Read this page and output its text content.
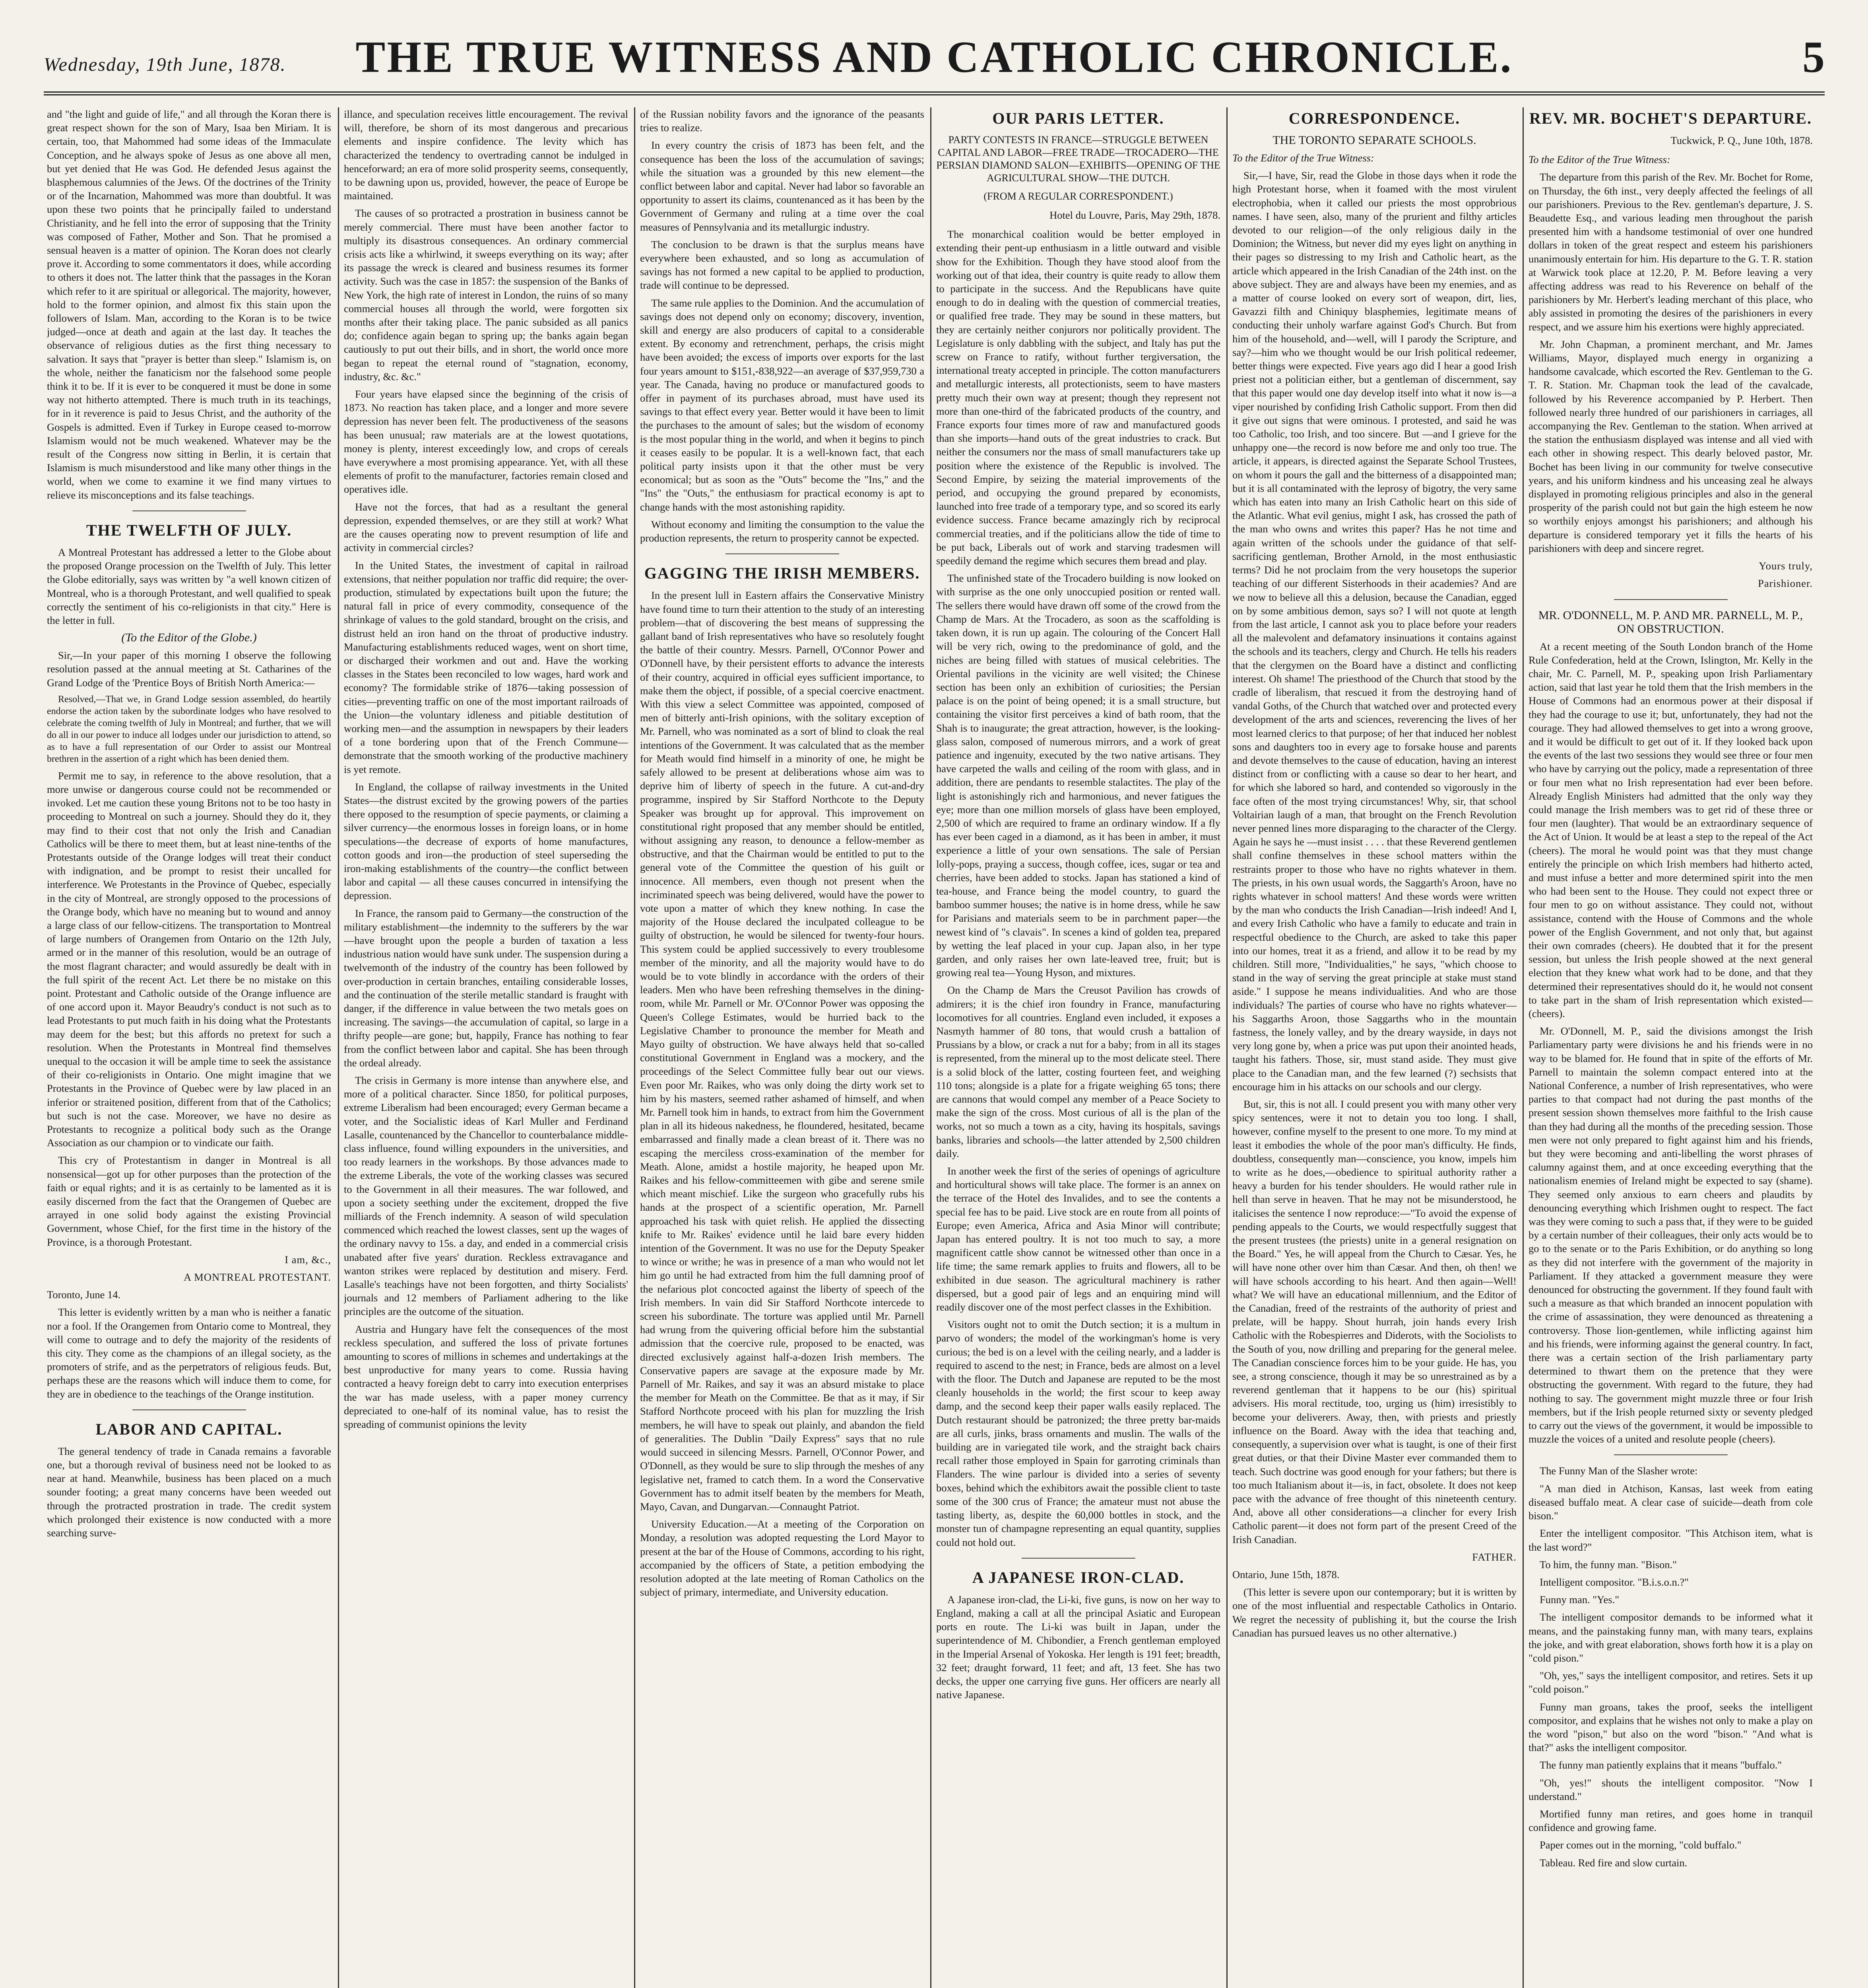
Wednesday, 19th June, 1878.	THE TRUE WITNESS AND CATHOLIC CHRONICLE.	5

and "the light and guide of life," and all through the Koran there is great respect shown for the son of Mary, Isaa ben Miriam. It is certain, too, that Mahommed had some ideas of the Immaculate Conception, and he always spoke of Jesus as one above all men, but yet denied that He was God. He defended Jesus against the blasphemous calumnies of the Jews. Of the doctrines of the Trinity or of the Incarnation, Mahommed was more than doubtful. It was upon these two points that he principally failed to understand Christianity, and he fell into the error of supposing that the Trinity was composed of Father, Mother and Son. That he promised a sensual heaven is a matter of opinion. The Koran does not clearly prove it. According to some commentators it does, while according to others it does not. The latter think that the passages in the Koran which refer to it are spiritual or allegorical. The majority, however, hold to the former opinion, and almost fix this stain upon the followers of Islam. Man, according to the Koran is to be twice judged—once at death and again at the last day. It teaches the observance of religious duties as the first thing necessary to salvation. It says that "prayer is better than sleep." Islamism is, on the whole, neither the fanaticism nor the falsehood some people think it to be. If it is ever to be conquered it must be done in some way not hitherto attempted. There is much truth in its teachings, for in it reverence is paid to Jesus Christ, and the authority of the Gospels is admitted. Even if Turkey in Europe ceased to-morrow Islamism would not be much weakened. Whatever may be the result of the Congress now sitting in Berlin, it is certain that Islamism is much misunderstood and like many other things in the world, when we come to examine it we find many virtues to relieve its misconceptions and its false teachings.

THE TWELFTH OF JULY.

A Montreal Protestant has addressed a letter to the Globe about the proposed Orange procession on the Twelfth of July. This letter the Globe editorially, says was written by "a well known citizen of Montreal, who is a thorough Protestant, and well qualified to speak correctly the sentiment of his co-religionists in that city." Here is the letter in full.

(To the Editor of the Globe.)

Sir,—In your paper of this morning I observe the following resolution passed at the annual meeting at St. Catharines of the Grand Lodge of the 'Prentice Boys of British North America:—

Resolved,—That we, in Grand Lodge session assembled, do heartily endorse the action taken by the subordinate lodges who have resolved to celebrate the coming twelfth of July in Montreal; and further, that we will do all in our power to induce all lodges under our jurisdiction to attend, so as to have a full representation of our Order to assist our Montreal brethren in the assertion of a right which has been denied them.

Permit me to say, in reference to the above resolution, that a more unwise or dangerous course could not be recommended or invoked. Let me caution these young Britons not to be too hasty in proceeding to Montreal on such a journey. Should they do it, they may find to their cost that not only the Irish and Canadian Catholics will be there to meet them, but at least nine-tenths of the Protestants outside of the Orange lodges will treat their conduct with indignation, and be prompt to resist their uncalled for interference. We Protestants in the Province of Quebec, especially in the city of Montreal, are strongly opposed to the processions of the Orange body, which have no meaning but to wound and annoy a large class of our fellow-citizens. The transportation to Montreal of large numbers of Orangemen from Ontario on the 12th July, armed or in the manner of this resolution, would be an outrage of the most flagrant character; and would assuredly be dealt with in the full spirit of the recent Act. Let there be no mistake on this point. Protestant and Catholic outside of the Orange influence are of one accord upon it. Mayor Beaudry's conduct is not such as to lead Protestants to put much faith in his doing what the Protestants may deem for the best; but this affords no pretext for such a resolution. When the Protestants in Montreal find themselves unequal to the occasion it will be ample time to seek the assistance of their co-religionists in Ontario. One might imagine that we Protestants in the Province of Quebec were by law placed in an inferior or straitened position, different from that of the Catholics; but such is not the case. Moreover, we have no desire as Protestants to recognize a political body such as the Orange Association as our champion or to vindicate our faith.

This cry of Protestantism in danger in Montreal is all nonsensical—got up for other purposes than the protection of the faith or equal rights; and it is as certainly to be lamented as it is easily discerned from the fact that the Orangemen of Quebec are arrayed in one solid body against the existing Provincial Government, whose Chief, for the first time in the history of the Province, is a thorough Protestant.

I am, &c.,
A MONTREAL PROTESTANT.
Toronto, June 14.

This letter is evidently written by a man who is neither a fanatic nor a fool. If the Orangemen from Ontario come to Montreal, they will come to outrage and to defy the majority of the residents of this city. They come as the champions of an illegal society, as the promoters of strife, and as the perpetrators of religious feuds. But, perhaps these are the reasons which will induce them to come, for they are in obedience to the teachings of the Orange institution.

LABOR AND CAPITAL.

The general tendency of trade in Canada remains a favorable one, but a thorough revival of business need not be looked to as near at hand. Meanwhile, business has been placed on a much sounder footing; a great many concerns have been weeded out through the protracted prostration in trade. The credit system which prolonged their existence is now conducted with a more searching surve-

illance, and speculation receives little encouragement. The revival will, therefore, be shorn of its most dangerous and precarious elements and inspire confidence. The levity which has characterized the tendency to overtrading cannot be indulged in henceforward; an era of more solid prosperity seems, consequently, to be dawning upon us, provided, however, the peace of Europe be maintained.

The causes of so protracted a prostration in business cannot be merely commercial. There must have been another factor to multiply its disastrous consequences. An ordinary commercial crisis acts like a whirlwind, it sweeps everything on its way; after its passage the wreck is cleared and business resumes its former activity. Such was the case in 1857: the suspension of the Banks of New York, the high rate of interest in London, the ruins of so many commercial houses all through the world, were forgotten six months after their taking place. The panic subsided as all panics do; confidence again began to spring up; the banks again began cautiously to put out their bills, and in short, the world once more began to repeat the eternal round of "stagnation, economy, industry, &c. &c."

Four years have elapsed since the beginning of the crisis of 1873. No reaction has taken place, and a longer and more severe depression has never been felt. The productiveness of the seasons has been unusual; raw materials are at the lowest quotations, money is plenty, interest exceedingly low, and crops of cereals have everywhere a most promising appearance. Yet, with all these elements of profit to the manufacturer, factories remain closed and operatives idle.

Have not the forces, that had as a resultant the general depression, expended themselves, or are they still at work? What are the causes operating now to prevent resumption of life and activity in commercial circles?

In the United States, the investment of capital in railroad extensions, that neither population nor traffic did require; the over-production, stimulated by expectations built upon the future; the natural fall in price of every commodity, consequence of the shrinkage of values to the gold standard, brought on the crisis, and distrust held an iron hand on the throat of productive industry. Manufacturing establishments reduced wages, went on short time, or discharged their workmen and out and. Have the working classes in the States been reconciled to low wages, hard work and economy? The formidable strike of 1876—taking possession of cities—preventing traffic on one of the most important railroads of the Union—the voluntary idleness and pitiable destitution of working men—and the assumption in newspapers by their leaders of a tone bordering upon that of the French Commune—demonstrate that the smooth working of the productive machinery is yet remote.

In England, the collapse of railway investments in the United States—the distrust excited by the growing powers of the parties there opposed to the resumption of specie payments, or claiming a silver currency—the enormous losses in foreign loans, or in home speculations—the decrease of exports of home manufactures, cotton goods and iron—the production of steel superseding the iron-making establishments of the country—the conflict between labor and capital — all these causes concurred in intensifying the depression.

In France, the ransom paid to Germany—the construction of the military establishment—the indemnity to the sufferers by the war—have brought upon the people a burden of taxation a less industrious nation would have sunk under. The suspension during a twelvemonth of the industry of the country has been followed by over-production in certain branches, entailing considerable losses, and the continuation of the sterile metallic standard is fraught with danger, if the difference in value between the two metals goes on increasing. The savings—the accumulation of capital, so large in a thrifty people—are gone; but, happily, France has nothing to fear from the conflict between labor and capital. She has been through the ordeal already.

The crisis in Germany is more intense than anywhere else, and more of a political character. Since 1850, for political purposes, extreme Liberalism had been encouraged; every German became a voter, and the Socialistic ideas of Karl Muller and Ferdinand Lasalle, countenanced by the Chancellor to counterbalance middle-class influence, found willing expounders in the universities, and too ready learners in the workshops. By those advances made to the extreme Liberals, the vote of the working classes was secured to the Government in all their measures. The war followed, and upon a society seething under the excitement, dropped the five milliards of the French indemnity. A season of wild speculation commenced which reached the lowest classes, sent up the wages of the ordinary navvy to 15s. a day, and ended in a commercial crisis unabated after five years' duration. Reckless extravagance and wanton strikes were replaced by destitution and misery. Ferd. Lasalle's teachings have not been forgotten, and thirty Socialists' journals and 12 members of Parliament adhering to the like principles are the outcome of the situation.

Austria and Hungary have felt the consequences of the most reckless speculation, and suffered the loss of private fortunes amounting to scores of millions in schemes and undertakings at the best unproductive for many years to come. Russia having contracted a heavy foreign debt to carry into execution enterprises the war has made useless, with a paper money currency depreciated to one-half of its nominal value, has to resist the spreading of communist opinions the levity

of the Russian nobility favors and the ignorance of the peasants tries to realize.

In every country the crisis of 1873 has been felt, and the consequence has been the loss of the accumulation of savings; while the situation was a grounded by this new element—the conflict between labor and capital. Never had labor so favorable an opportunity to assert its claims, countenanced as it has been by the Government of Germany and ruling at a time over the coal measures of Pennsylvania and its metallurgic industry.

The conclusion to be drawn is that the surplus means have everywhere been exhausted, and so long as accumulation of savings has not formed a new capital to be applied to production, trade will continue to be depressed.

The same rule applies to the Dominion. And the accumulation of savings does not depend only on economy; discovery, invention, skill and energy are also producers of capital to a considerable extent. By economy and retrenchment, perhaps, the crisis might have been avoided; the excess of imports over exports for the last four years amount to $151,-838,922—an average of $37,959,730 a year. The Canada, having no produce or manufactured goods to offer in payment of its purchases abroad, must have used its savings to that effect every year. Better would it have been to limit the purchases to the amount of sales; but the wisdom of economy is the most popular thing in the world, and when it begins to pinch it ceases easily to be popular. It is a well-known fact, that each political party insists upon it that the other must be very economical; but as soon as the "Outs" become the "Ins," and the "Ins" the "Outs," the enthusiasm for practical economy is apt to change hands with the most astonishing rapidity.

Without economy and limiting the consumption to the value the production represents, the return to prosperity cannot be expected.

GAGGING THE IRISH MEMBERS.

In the present lull in Eastern affairs the Conservative Ministry have found time to turn their attention to the study of an interesting problem—that of discovering the best means of suppressing the gallant band of Irish representatives who have so resolutely fought the battle of their country. Messrs. Parnell, O'Connor Power and O'Donnell have, by their persistent efforts to advance the interests of their country, acquired in official eyes sufficient importance, to make them the object, if possible, of a special coercive enactment. With this view a select Committee was appointed, composed of men of bitterly anti-Irish opinions, with the solitary exception of Mr. Parnell, who was nominated as a sort of blind to cloak the real intentions of the Government. It was calculated that as the member for Meath would find himself in a minority of one, he might be safely allowed to be present at deliberations whose aim was to deprive him of liberty of speech in the future. A cut-and-dry programme, inspired by Sir Stafford Northcote to the Deputy Speaker was brought up for approval. This improvement on constitutional right proposed that any member should be entitled, without assigning any reason, to denounce a fellow-member as obstructive, and that the Chairman would be entitled to put to the general vote of the Committee the question of his guilt or innocence. All members, even though not present when the incriminated speech was being delivered, would have the power to vote upon a matter of which they knew nothing. In case the majority of the House declared the inculpated colleague to be guilty of obstruction, he would be silenced for twenty-four hours. This system could be applied successively to every troublesome member of the minority, and all the majority would have to do would be to vote blindly in accordance with the orders of their leaders. Men who have been refreshing themselves in the dining-room, while Mr. Parnell or Mr. O'Connor Power was opposing the Queen's College Estimates, would be hurried back to the Legislative Chamber to pronounce the member for Meath and Mayo guilty of obstruction. We have always held that so-called constitutional Government in England was a mockery, and the proceedings of the Select Committee fully bear out our views. Even poor Mr. Raikes, who was only doing the dirty work set to him by his masters, seemed rather ashamed of himself, and when Mr. Parnell took him in hands, to extract from him the Government plan in all its hideous nakedness, he floundered, hesitated, became embarrassed and finally made a clean breast of it. There was no escaping the merciless cross-examination of the member for Meath. Alone, amidst a hostile majority, he heaped upon Mr. Raikes and his fellow-committeemen with gibe and serene smile which meant mischief. Like the surgeon who gracefully rubs his hands at the prospect of a scientific operation, Mr. Parnell approached his task with quiet relish. He applied the dissecting knife to Mr. Raikes' evidence until he laid bare every hidden intention of the Government. It was no use for the Deputy Speaker to wince or writhe; he was in presence of a man who would not let him go until he had extracted from him the full damning proof of the nefarious plot concocted against the liberty of speech of the Irish members. In vain did Sir Stafford Northcote intercede to screen his subordinate. The torture was applied until Mr. Parnell had wrung from the quivering official before him the substantial admission that the coercive rule, proposed to be enacted, was directed exclusively against half-a-dozen Irish members. The Conservative papers are savage at the exposure made by Mr. Parnell of Mr. Raikes, and say it was an absurd mistake to place the member for Meath on the Committee. Be that as it may, if Sir Stafford Northcote proceed with his plan for muzzling the Irish members, he will have to speak out plainly, and abandon the field of generalities. The Dublin "Daily Express" says that no rule would succeed in silencing Messrs. Parnell, O'Connor Power, and O'Donnell, as they would be sure to slip through the meshes of any legislative net, framed to catch them. In a word the Conservative Government has to admit itself beaten by the members for Meath, Mayo, Cavan, and Dungarvan.—Connaught Patriot.

University Education.—At a meeting of the Corporation on Monday, a resolution was adopted requesting the Lord Mayor to present at the bar of the House of Commons, according to his right, accompanied by the officers of State, a petition embodying the resolution adopted at the late meeting of Roman Catholics on the subject of primary, intermediate, and University education.

OUR PARIS LETTER.
PARTY CONTESTS IN FRANCE—STRUGGLE BETWEEN CAPITAL AND LABOR—FREE TRADE—TROCADERO—THE PERSIAN DIAMOND SALON—EXHIBITS—OPENING OF THE AGRICULTURAL SHOW—THE DUTCH.
(FROM A REGULAR CORRESPONDENT.)
Hotel du Louvre, Paris, May 29th, 1878.

The monarchical coalition would be better employed in extending their pent-up enthusiasm in a little outward and visible show for the Exhibition. Though they have stood aloof from the working out of that idea, their country is quite ready to allow them to participate in the success. And the Republicans have quite enough to do in dealing with the question of commercial treaties, or qualified free trade. They may be sound in these matters, but they are certainly neither conjurors nor politically provident. The Legislature is only dabbling with the subject, and Italy has put the screw on France to ratify, without further tergiversation, the international treaty accepted in principle. The cotton manufacturers and metallurgic interests, all protectionists, seem to have masters pretty much their own way at present; though they represent not more than one-third of the fabricated products of the country, and France exports four times more of raw and manufactured goods than she imports—hand outs of the great industries to crack. But neither the consumers nor the mass of small manufacturers take up position where the existence of the Republic is involved. The Second Empire, by seizing the material improvements of the period, and occupying the ground prepared by economists, launched into free trade of a temporary type, and so scored its early evidence success. France became amazingly rich by reciprocal commercial treaties, and if the politicians allow the tide of time to be put back, Liberals out of work and starving tradesmen will speedily demand the regime which secures them bread and play.

The unfinished state of the Trocadero building is now looked on with surprise as the one only unoccupied position or rented wall. The sellers there would have drawn off some of the crowd from the Champ de Mars. At the Trocadero, as soon as the scaffolding is taken down, it is run up again. The colouring of the Concert Hall will be very rich, owing to the predominance of gold, and the niches are being filled with statues of musical celebrities. The Oriental pavilions in the vicinity are well visited; the Chinese section has been only an exhibition of curiosities; the Persian palace is on the point of being opened; it is a small structure, but containing the visitor first perceives a kind of bath room, that the Shah is to inaugurate; the great attraction, however, is the looking-glass salon, composed of numerous mirrors, and a work of great patience and ingenuity, executed by the two native artisans. They have carpeted the walls and ceiling of the room with glass, and in addition, there are pendants to resemble stalactites. The play of the light is astonishingly rich and harmonious, and never fatigues the eye; more than one million morsels of glass have been employed, 2,500 of which are required to frame an ordinary window. If a fly has ever been caged in a diamond, as it has been in amber, it must experience a little of your own sensations. The sale of Persian lolly-pops, praying a success, though coffee, ices, sugar or tea and cherries, have been added to stocks. Japan has stationed a kind of tea-house, and France being the model country, to guard the bamboo summer houses; the native is in home dress, while he saw for Parisians and materials seem to be in parchment paper—the newest kind of "s clavais". In scenes a kind of golden tea, prepared by wetting the leaf placed in your cup. Japan also, in her type garden, and only raises her own late-leaved tree, fruit; but is growing real tea—Young Hyson, and mixtures.

On the Champ de Mars the Creusot Pavilion has crowds of admirers; it is the chief iron foundry in France, manufacturing locomotives for all countries. England even included, it exposes a Nasmyth hammer of 80 tons, that would crush a battalion of Prussians by a blow, or crack a nut for a baby; from in all its stages is represented, from the mineral up to the most delicate steel. There is a solid block of the latter, costing fourteen feet, and weighing 110 tons; alongside is a plate for a frigate weighing 65 tons; there are cannons that would compel any member of a Peace Society to make the sign of the cross. Most curious of all is the plan of the works, not so much a town as a city, having its hospitals, savings banks, libraries and schools—the latter attended by 2,500 children daily.

In another week the first of the series of openings of agriculture and horticultural shows will take place. The former is an annex on the terrace of the Hotel des Invalides, and to see the contents a special fee has to be paid. Live stock are en route from all points of Europe; even America, Africa and Asia Minor will contribute; Japan has entered poultry. It is not too much to say, a more magnificent cattle show cannot be witnessed other than once in a life time; the same remark applies to fruits and flowers, all to be exhibited in due season. The agricultural machinery is rather dispersed, but a good pair of legs and an enquiring mind will readily discover one of the most perfect classes in the Exhibition.

Visitors ought not to omit the Dutch section; it is a multum in parvo of wonders; the model of the workingman's home is very curious; the bed is on a level with the ceiling nearly, and a ladder is required to ascend to the nest; in France, beds are almost on a level with the floor. The Dutch and Japanese are reputed to be the most cleanly households in the world; the first scour to keep away damp, and the second keep their paper walls easily replaced. The Dutch restaurant should be patronized; the three pretty bar-maids are all curls, jinks, brass ornaments and muslin. The walls of the building are in variegated tile work, and the straight back chairs recall rather those employed in Spain for garroting criminals than Flanders. The wine parlour is divided into a series of seventy boxes, behind which the exhibitors await the possible client to taste some of the 300 crus of France; the amateur must not abuse the tasting liberty, as, despite the 60,000 bottles in stock, and the monster tun of champagne representing an equal quantity, supplies could not hold out.

A JAPANESE IRON-CLAD.

A Japanese iron-clad, the Li-ki, five guns, is now on her way to England, making a call at all the principal Asiatic and European ports en route. The Li-ki was built in Japan, under the superintendence of M. Chibondier, a French gentleman employed in the Imperial Arsenal of Yokoska. Her length is 191 feet; breadth, 32 feet; draught forward, 11 feet; and aft, 13 feet. She has two decks, the upper one carrying five guns. Her officers are nearly all native Japanese.

CORRESPONDENCE.
THE TORONTO SEPARATE SCHOOLS.
To the Editor of the True Witness:

Sir,—I have, Sir, read the Globe in those days when it rode the high Protestant horse, when it foamed with the most virulent electrophobia, when it called our priests the most opprobrious names. I have seen, also, many of the prurient and filthy articles devoted to our religion—of the only religious daily in the Dominion; the Witness, but never did my eyes light on anything in their pages so distressing to my Irish and Catholic heart, as the article which appeared in the Irish Canadian of the 24th inst. on the above subject. They are and always have been my enemies, and as a matter of course looked on every sort of weapon, dirt, lies, Gavazzi filth and Chiniquy blasphemies, legitimate means of conducting their unholy warfare against God's Church. But from him of the household, and—well, will I parody the Scripture, and say?—him who we thought would be our Irish political redeemer, better things were expected. Five years ago did I hear a good Irish priest not a politician either, but a gentleman of discernment, say that this paper would one day develop itself into what it now is—a viper nourished by confiding Irish Catholic support. From then did it give out signs that were ominous. I protested, and said he was too Catholic, too Irish, and too sincere. But —and I grieve for the unhappy one—the record is now before me and only too true. The article, it appears, is directed against the Separate School Trustees, on whom it pours the gall and the bitterness of a disappointed man; but it is all contaminated with the leprosy of bigotry, the very same which has eaten into many an Irish Catholic heart on this side of the Atlantic. What evil genius, might I ask, has crossed the path of the man who owns and writes this paper? Has he not time and again written of the schools under the guidance of that self-sacrificing gentleman, Brother Arnold, in the most enthusiastic terms? Did he not proclaim from the very housetops the superior teaching of our different Sisterhoods in their academies? And are we now to believe all this a delusion, because the Canadian, egged on by some ambitious demon, says so? I will not quote at length from the last article, I cannot ask you to place before your readers all the malevolent and defamatory insinuations it contains against the schools and its teachers, clergy and Church. He tells his readers that the clergymen on the Board have a distinct and conflicting interest. Oh shame! The priesthood of the Church that stood by the cradle of liberalism, that rescued it from the destroying hand of vandal Goths, of the Church that watched over and protected every development of the arts and sciences, reverencing the lives of her most learned clerics to that purpose; of her that induced her noblest sons and daughters too in every age to forsake house and parents and devote themselves to the cause of education, having an interest distinct from or conflicting with a cause so dear to her heart, and for which she labored so hard, and contended so vigorously in the face often of the most trying circumstances! Why, sir, that school Voltairian laugh of a man, that brought on the French Revolution never penned lines more disparaging to the character of the Clergy. Again he says he —must insist . . . . that these Reverend gentlemen shall confine themselves in these school matters within the restraints proper to those who have no rights whatever in them. The priests, in his own usual words, the Saggarth's Aroon, have no rights whatever in school matters! And these words were written by the man who conducts the Irish Canadian—Irish indeed! And I, and every Irish Catholic who have a family to educate and train in respectful obedience to the Church, are asked to take this paper into our homes, treat it as a friend, and allow it to be read by my children. Still more, "Individualities," he says, "which choose to stand in the way of serving the great principle at stake must stand aside." I suppose he means individualities. And who are those individuals? The parties of course who have no rights whatever—his Saggarths Aroon, those Saggarths who in the mountain fastness, the lonely valley, and by the dreary wayside, in days not very long gone by, when a price was put upon their anointed heads, taught his fathers. Those, sir, must stand aside. They must give place to the Canadian man, and the few learned (?) sechsists that encourage him in his attacks on our schools and our clergy.

But, sir, this is not all. I could present you with many other very spicy sentences, were it not to detain you too long. I shall, however, confine myself to the present to one more. To my mind at least it embodies the whole of the poor man's difficulty. He finds, doubtless, consequently man—conscience, you know, impels him to write as he does,—obedience to spiritual authority rather a heavy a burden for his tender shoulders. He would rather rule in hell than serve in heaven. That he may not be misunderstood, he italicises the sentence I now reproduce:—"To avoid the expense of pending appeals to the Courts, we would respectfully suggest that the present trustees (the priests) unite in a general resignation on the Board." Yes, he will appeal from the Church to Cæsar. Yes, he will have none other over him than Cæsar. And then, oh then! we will have schools according to his heart. And then again—Well! what? We will have an educational millennium, and the Editor of the Canadian, freed of the restraints of the authority of priest and prelate, will be happy. Shout hurrah, join hands every Irish Catholic with the Robespierres and Diderots, with the Sociolists to the South of you, now drilling and preparing for the general melee. The Canadian conscience forces him to be your guide. He has, you see, a strong conscience, though it may be so unrestrained as by a reverend gentleman that it happens to be our (his) spiritual advisers. His moral rectitude, too, urging us (him) irresistibly to become your deliverers. Away, then, with priests and priestly influence on the Board. Away with the idea that teaching and, consequently, a supervision over what is taught, is one of their first great duties, or that their Divine Master ever commanded them to teach. Such doctrine was good enough for your fathers; but there is too much Italianism about it—is, in fact, obsolete. It does not keep pace with the advance of free thought of this nineteenth century. And, above all other considerations—a clincher for every Irish Catholic parent—it does not form part of the present Creed of the Irish Canadian.

FATHER.
Ontario, June 15th, 1878.

(This letter is severe upon our contemporary; but it is written by one of the most influential and respectable Catholics in Ontario. We regret the necessity of publishing it, but the course the Irish Canadian has pursued leaves us no other alternative.)

REV. MR. BOCHET'S DEPARTURE.
Tuckwick, P. Q., June 10th, 1878.
To the Editor of the True Witness:

The departure from this parish of the Rev. Mr. Bochet for Rome, on Thursday, the 6th inst., very deeply affected the feelings of all our parishioners. Previous to the Rev. gentleman's departure, J. S. Beaudette Esq., and various leading men throughout the parish presented him with a handsome testimonial of over one hundred dollars in token of the great respect and esteem his parishioners unanimously entertain for him. His departure to the G. T. R. station at Warwick took place at 12.20, P. M. Before leaving a very affecting address was read to his Reverence on behalf of the parishioners by Mr. Herbert's leading merchant of this place, who ably assisted in promoting the desires of the parishioners in every respect, and we assure him his exertions were highly appreciated.

Mr. John Chapman, a prominent merchant, and Mr. James Williams, Mayor, displayed much energy in organizing a handsome cavalcade, which escorted the Rev. Gentleman to the G. T. R. Station. Mr. Chapman took the lead of the cavalcade, followed by his Reverence accompanied by P. Herbert. Then followed nearly three hundred of our parishioners in carriages, all accompanying the Rev. Gentleman to the station. When arrived at the station the enthusiasm displayed was intense and all vied with each other in showing respect. This dearly beloved pastor, Mr. Bochet has been living in our community for twelve consecutive years, and his uniform kindness and his unceasing zeal he always displayed in promoting religious principles and also in the general prosperity of the parish could not but gain the high esteem he now so worthily enjoys amongst his parishioners; and although his departure is considered temporary yet it fills the hearts of his parishioners with deep and sincere regret.

Yours truly,
Parishioner.
MR. O'DONNELL, M. P. AND MR. PARNELL, M. P., ON OBSTRUCTION.

At a recent meeting of the South London branch of the Home Rule Confederation, held at the Crown, Islington, Mr. Kelly in the chair, Mr. C. Parnell, M. P., speaking upon Irish Parliamentary action, said that last year he told them that the Irish members in the House of Commons had an enormous power at their disposal if they had the courage to use it; but, unfortunately, they had not the courage. They had allowed themselves to get into a wrong groove, and it would be difficult to get out of it. If they looked back upon the events of the last two sessions they would see three or four men who have by carrying out the policy, made a representation of three or four men what no Irish representation had ever been before. Already English Ministers had admitted that the only way they could manage the Irish members was to get rid of these three or four men (laughter). That would be an extraordinary sequence of the Act of Union. It would be at least a step to the repeal of the Act (cheers). The moral he would point was that they must change entirely the principle on which Irish members had hitherto acted, and must infuse a better and more determined spirit into the men who had been sent to the House. They could not expect three or four men to go on without assistance. They could not, without assistance, contend with the House of Commons and the whole power of the English Government, and not only that, but against their own comrades (cheers). He doubted that it for the present session, but unless the Irish people showed at the next general election that they knew what work had to be done, and that they determined their representatives should do it, he would not consent to take part in the sham of Irish representation which existed—(cheers).

Mr. O'Donnell, M. P., said the divisions amongst the Irish Parliamentary party were divisions he and his friends were in no way to be blamed for. He found that in spite of the efforts of Mr. Parnell to maintain the solemn compact entered into at the National Conference, a number of Irish representatives, who were parties to that compact had not during the past months of the present session shown themselves more faithful to the Irish cause than they had during all the months of the preceding session. Those men were not only prepared to fight against him and his friends, but they were becoming and anti-libelling the worst phrases of calumny against them, and at once exceeding everything that the nationalism enemies of Ireland might be expected to say (shame). They seemed only anxious to earn cheers and plaudits by denouncing everything which Irishmen ought to respect. The fact was they were coming to such a pass that, if they were to be guided by a certain number of their colleagues, their only acts would be to go to the senate or to the Paris Exhibition, or do anything so long as they did not interfere with the government of the majority in Parliament. If they attacked a government measure they were denounced for obstructing the government. If they found fault with such a measure as that which branded an innocent population with the crime of assassination, they were denounced as threatening a controversy. Those lion-gentlemen, while inflicting against him and his friends, were informing against the general country. In fact, there was a certain section of the Irish parliamentary party determined to thwart them on the pretence that they were obstructing the government. With regard to the future, they had nothing to say. The government might muzzle three or four Irish members, but if the Irish people returned sixty or seventy pledged to carry out the views of the government, it would be impossible to muzzle the voices of a united and resolute people (cheers).

The Funny Man of the Slasher wrote:

"A man died in Atchison, Kansas, last week from eating diseased buffalo meat. A clear case of suicide—death from cole bison."

Enter the intelligent compositor. "This Atchison item, what is the last word?"

To him, the funny man. "Bison."

Intelligent compositor. "B.i.s.o.n.?"

Funny man. "Yes."

The intelligent compositor demands to be informed what it means, and the painstaking funny man, with many tears, explains the joke, and with great elaboration, shows forth how it is a play on "cold pison."

"Oh, yes," says the intelligent compositor, and retires. Sets it up "cold poison."

Funny man groans, takes the proof, seeks the intelligent compositor, and explains that he wishes not only to make a play on the word "pison," but also on the word "bison." "And what is that?" asks the intelligent compositor.

The funny man patiently explains that it means "buffalo."

"Oh, yes!" shouts the intelligent compositor. "Now I understand."

Mortified funny man retires, and goes home in tranquil confidence and growing fame.

Paper comes out in the morning, "cold buffalo."

Tableau. Red fire and slow curtain.
